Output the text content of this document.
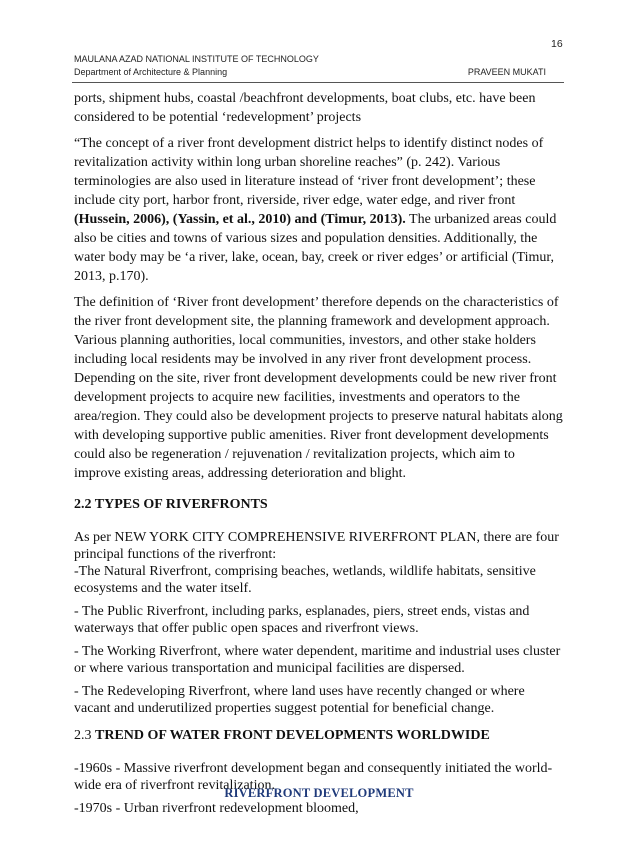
16
MAULANA AZAD NATIONAL INSTITUTE OF TECHNOLOGY
Department of Architecture & Planning	PRAVEEN MUKATI

ports, shipment hubs, coastal /beachfront developments, boat clubs, etc. have been considered to be potential ‘redevelopment’ projects

“The concept of a river front development district helps to identify distinct nodes of revitalization activity within long urban shoreline reaches” (p. 242). Various terminologies are also used in literature instead of ‘river front development’; these include city port, harbor front, riverside, river edge, water edge, and river front (Hussein, 2006), (Yassin, et al., 2010) and (Timur, 2013). The urbanized areas could also be cities and towns of various sizes and population densities. Additionally, the water body may be ‘a river, lake, ocean, bay, creek or river edges’ or artificial (Timur, 2013, p.170).

The definition of ‘River front development’ therefore depends on the characteristics of the river front development site, the planning framework and development approach. Various planning authorities, local communities, investors, and other stake holders including local residents may be involved in any river front development process. Depending on the site, river front development developments could be new river front development projects to acquire new facilities, investments and operators to the area/region. They could also be development projects to preserve natural habitats along with developing supportive public amenities. River front development developments could also be regeneration / rejuvenation / revitalization projects, which aim to improve existing areas, addressing deterioration and blight.

2.2 TYPES OF RIVERFRONTS

As per NEW YORK CITY COMPREHENSIVE RIVERFRONT PLAN, there are four principal functions of the riverfront:

-The Natural Riverfront, comprising beaches, wetlands, wildlife habitats, sensitive ecosystems and the water itself.

- The Public Riverfront, including parks, esplanades, piers, street ends, vistas and waterways that offer public open spaces and riverfront views.

- The Working Riverfront, where water dependent, maritime and industrial uses cluster or where various transportation and municipal facilities are dispersed.

- The Redeveloping Riverfront, where land uses have recently changed or where vacant and underutilized properties suggest potential for beneficial change.

2.3 TREND OF WATER FRONT DEVELOPMENTS WORLDWIDE

-1960s - Massive riverfront development began and consequently initiated the world-wide era of riverfront revitalization.

-1970s - Urban riverfront redevelopment bloomed,

RIVERFRONT DEVELOPMENT
